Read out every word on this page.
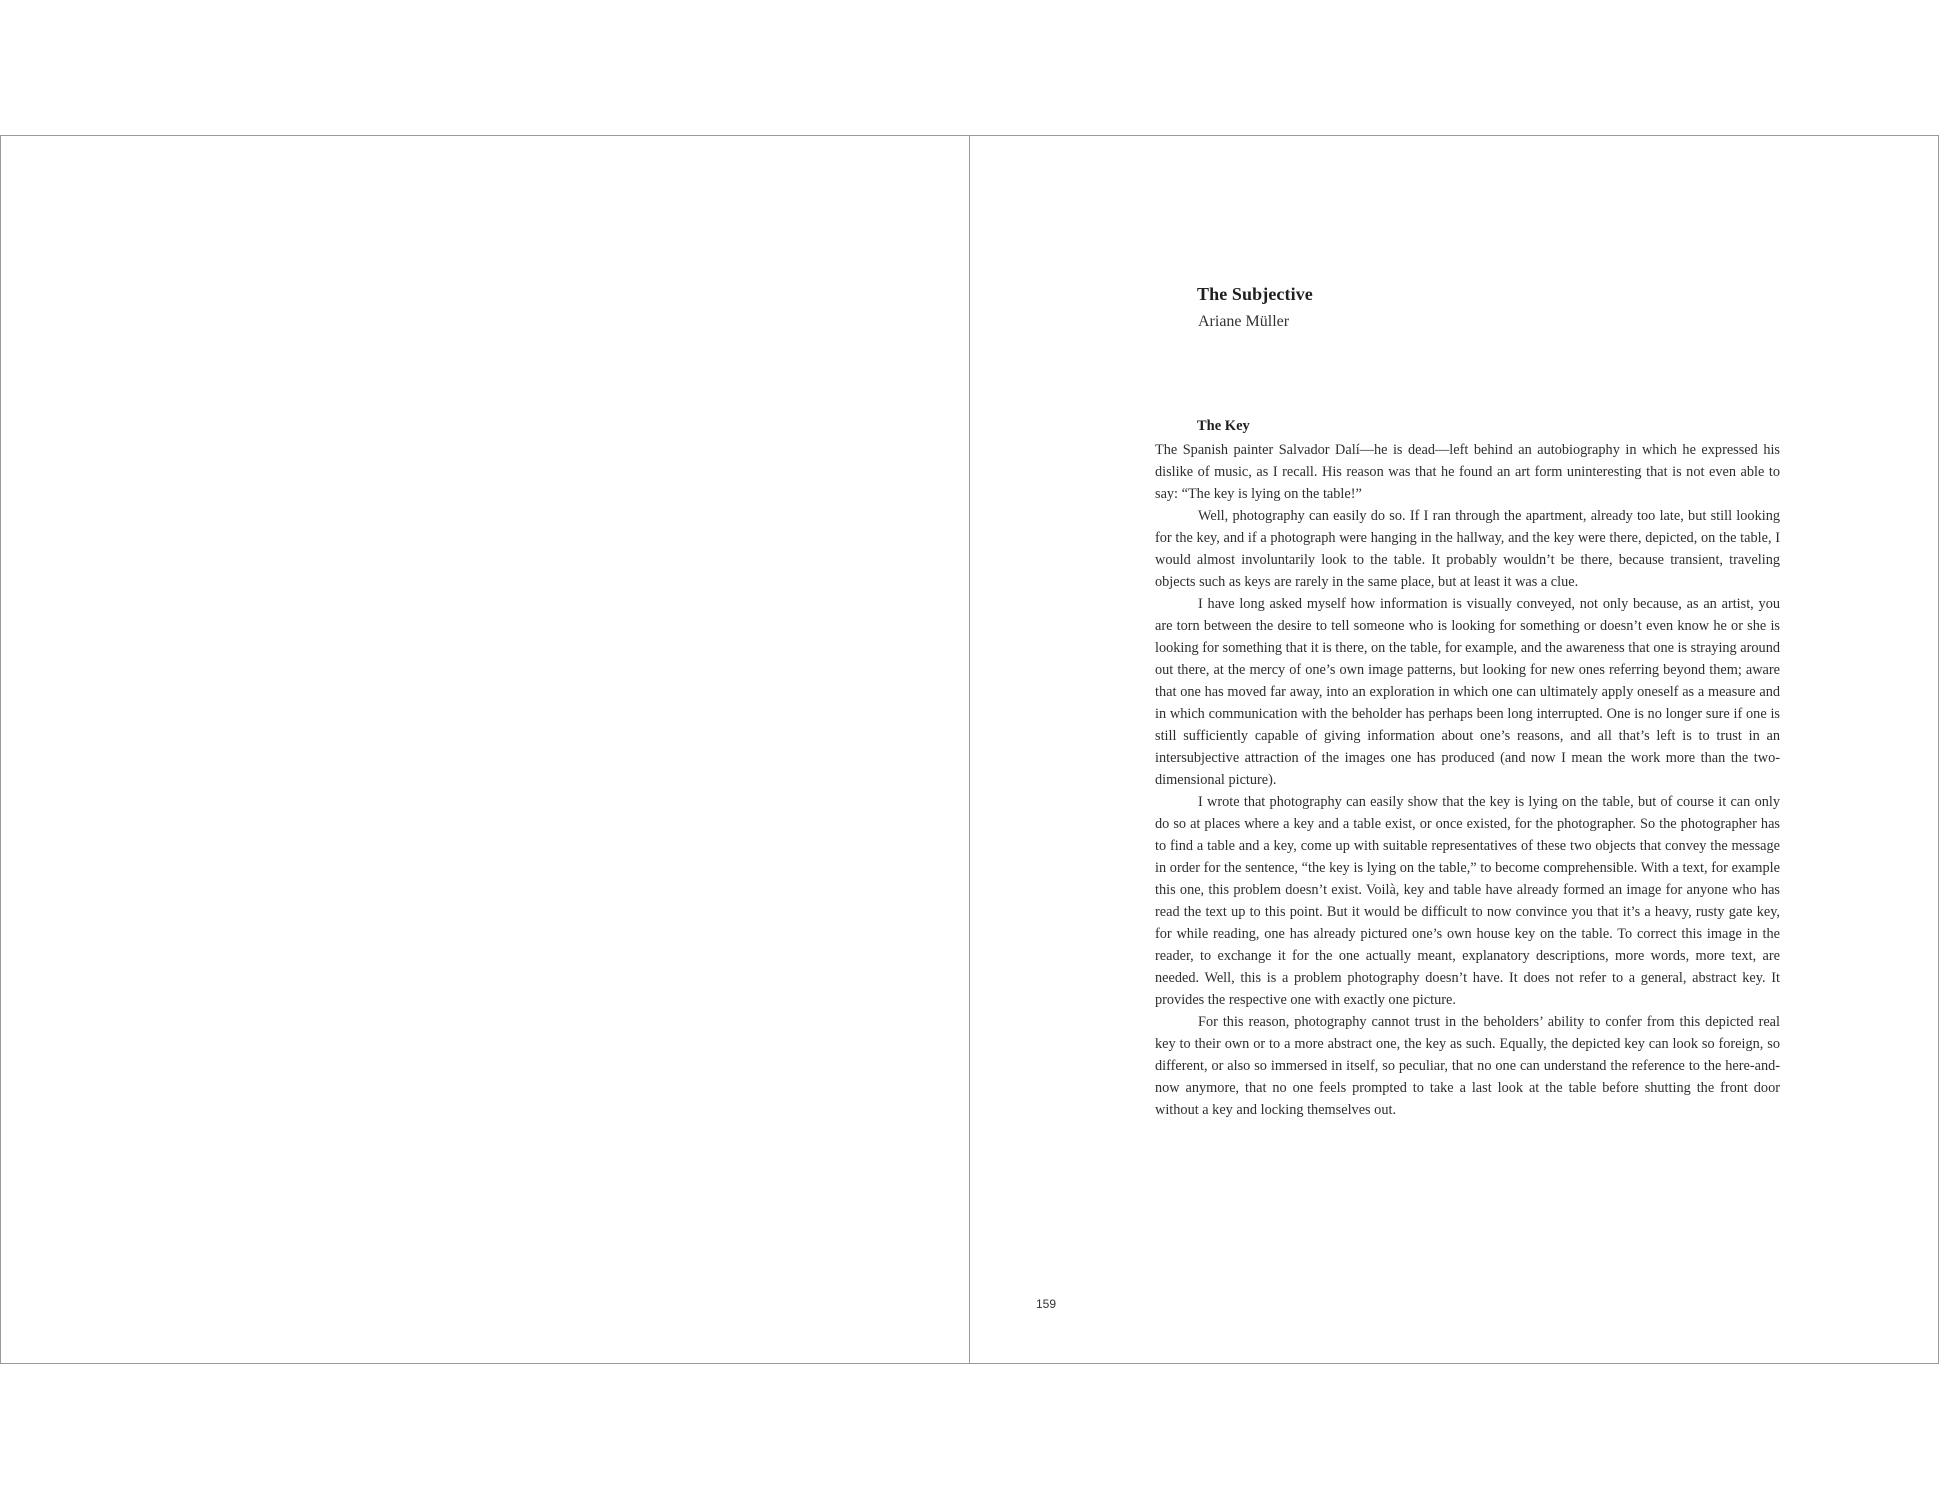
The Subjective
Ariane Müller
The Key

The Spanish painter Salvador Dalí—he is dead—left behind an autobiography in which he expressed his dislike of music, as I recall. His reason was that he found an art form uninteresting that is not even able to say: “The key is lying on the table!”

Well, photography can easily do so. If I ran through the apartment, already too late, but still looking for the key, and if a photograph were hanging in the hallway, and the key were there, depicted, on the table, I would almost involuntarily look to the table. It probably wouldn’t be there, because transient, traveling objects such as keys are rarely in the same place, but at least it was a clue.

I have long asked myself how information is visually conveyed, not only because, as an artist, you are torn between the desire to tell someone who is looking for something or doesn’t even know he or she is looking for something that it is there, on the table, for example, and the awareness that one is straying around out there, at the mercy of one’s own image patterns, but looking for new ones referring beyond them; aware that one has moved far away, into an exploration in which one can ultimately apply oneself as a measure and in which communication with the beholder has perhaps been long interrupted. One is no longer sure if one is still sufficiently capable of giving information about one’s reasons, and all that’s left is to trust in an intersubjective attraction of the images one has produced (and now I mean the work more than the two-dimensional picture).

I wrote that photography can easily show that the key is lying on the table, but of course it can only do so at places where a key and a table exist, or once existed, for the photographer. So the photographer has to find a table and a key, come up with suitable representatives of these two objects that convey the message in order for the sentence, “the key is lying on the table,” to become comprehensible. With a text, for example this one, this problem doesn’t exist. Voilà, key and table have already formed an image for anyone who has read the text up to this point. But it would be difficult to now convince you that it’s a heavy, rusty gate key, for while reading, one has already pictured one’s own house key on the table. To correct this image in the reader, to exchange it for the one actually meant, explanatory descriptions, more words, more text, are needed. Well, this is a problem photography doesn’t have. It does not refer to a general, abstract key. It provides the respective one with exactly one picture.

For this reason, photography cannot trust in the beholders’ ability to confer from this depicted real key to their own or to a more abstract one, the key as such. Equally, the depicted key can look so foreign, so different, or also so immersed in itself, so peculiar, that no one can understand the reference to the here-and-now anymore, that no one feels prompted to take a last look at the table before shutting the front door without a key and locking themselves out.

159
